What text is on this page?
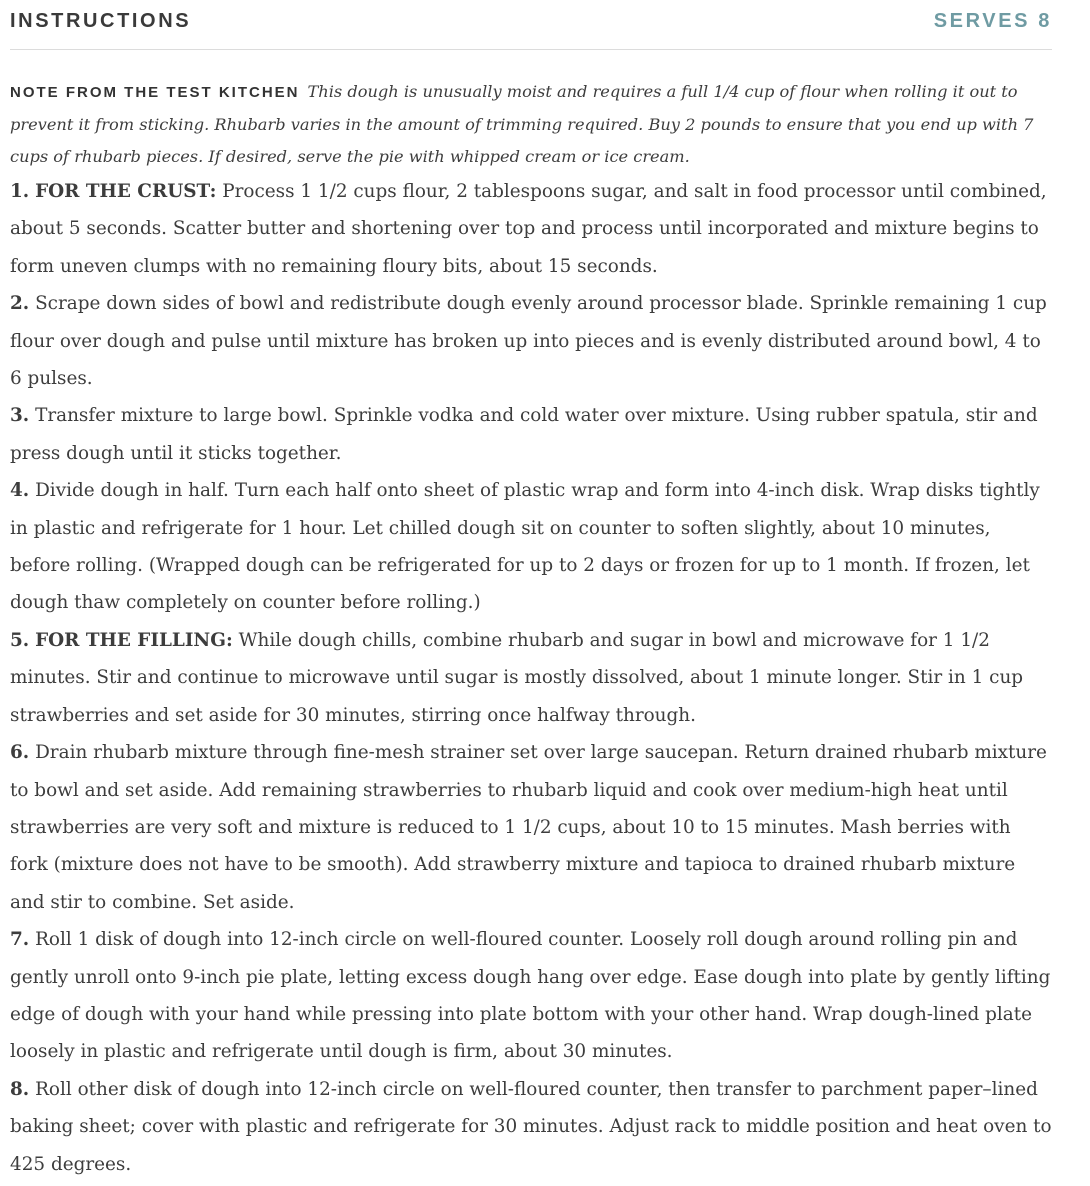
INSTRUCTIONS	SERVES 8
NOTE FROM THE TEST KITCHEN This dough is unusually moist and requires a full 1/4 cup of flour when rolling it out to prevent it from sticking. Rhubarb varies in the amount of trimming required. Buy 2 pounds to ensure that you end up with 7 cups of rhubarb pieces. If desired, serve the pie with whipped cream or ice cream.

1. FOR THE CRUST: Process 1 1/2 cups flour, 2 tablespoons sugar, and salt in food processor until combined, about 5 seconds. Scatter butter and shortening over top and process until incorporated and mixture begins to form uneven clumps with no remaining floury bits, about 15 seconds.

2. Scrape down sides of bowl and redistribute dough evenly around processor blade. Sprinkle remaining 1 cup flour over dough and pulse until mixture has broken up into pieces and is evenly distributed around bowl, 4 to 6 pulses.

3. Transfer mixture to large bowl. Sprinkle vodka and cold water over mixture. Using rubber spatula, stir and press dough until it sticks together.

4. Divide dough in half. Turn each half onto sheet of plastic wrap and form into 4-inch disk. Wrap disks tightly in plastic and refrigerate for 1 hour. Let chilled dough sit on counter to soften slightly, about 10 minutes, before rolling. (Wrapped dough can be refrigerated for up to 2 days or frozen for up to 1 month. If frozen, let dough thaw completely on counter before rolling.)

5. FOR THE FILLING: While dough chills, combine rhubarb and sugar in bowl and microwave for 1 1/2 minutes. Stir and continue to microwave until sugar is mostly dissolved, about 1 minute longer. Stir in 1 cup strawberries and set aside for 30 minutes, stirring once halfway through.

6. Drain rhubarb mixture through fine-mesh strainer set over large saucepan. Return drained rhubarb mixture to bowl and set aside. Add remaining strawberries to rhubarb liquid and cook over medium-high heat until strawberries are very soft and mixture is reduced to 1 1/2 cups, about 10 to 15 minutes. Mash berries with fork (mixture does not have to be smooth). Add strawberry mixture and tapioca to drained rhubarb mixture and stir to combine. Set aside.

7. Roll 1 disk of dough into 12-inch circle on well-floured counter. Loosely roll dough around rolling pin and gently unroll onto 9-inch pie plate, letting excess dough hang over edge. Ease dough into plate by gently lifting edge of dough with your hand while pressing into plate bottom with your other hand. Wrap dough-lined plate loosely in plastic and refrigerate until dough is firm, about 30 minutes.

8. Roll other disk of dough into 12-inch circle on well-floured counter, then transfer to parchment paper–lined baking sheet; cover with plastic and refrigerate for 30 minutes. Adjust rack to middle position and heat oven to 425 degrees.
